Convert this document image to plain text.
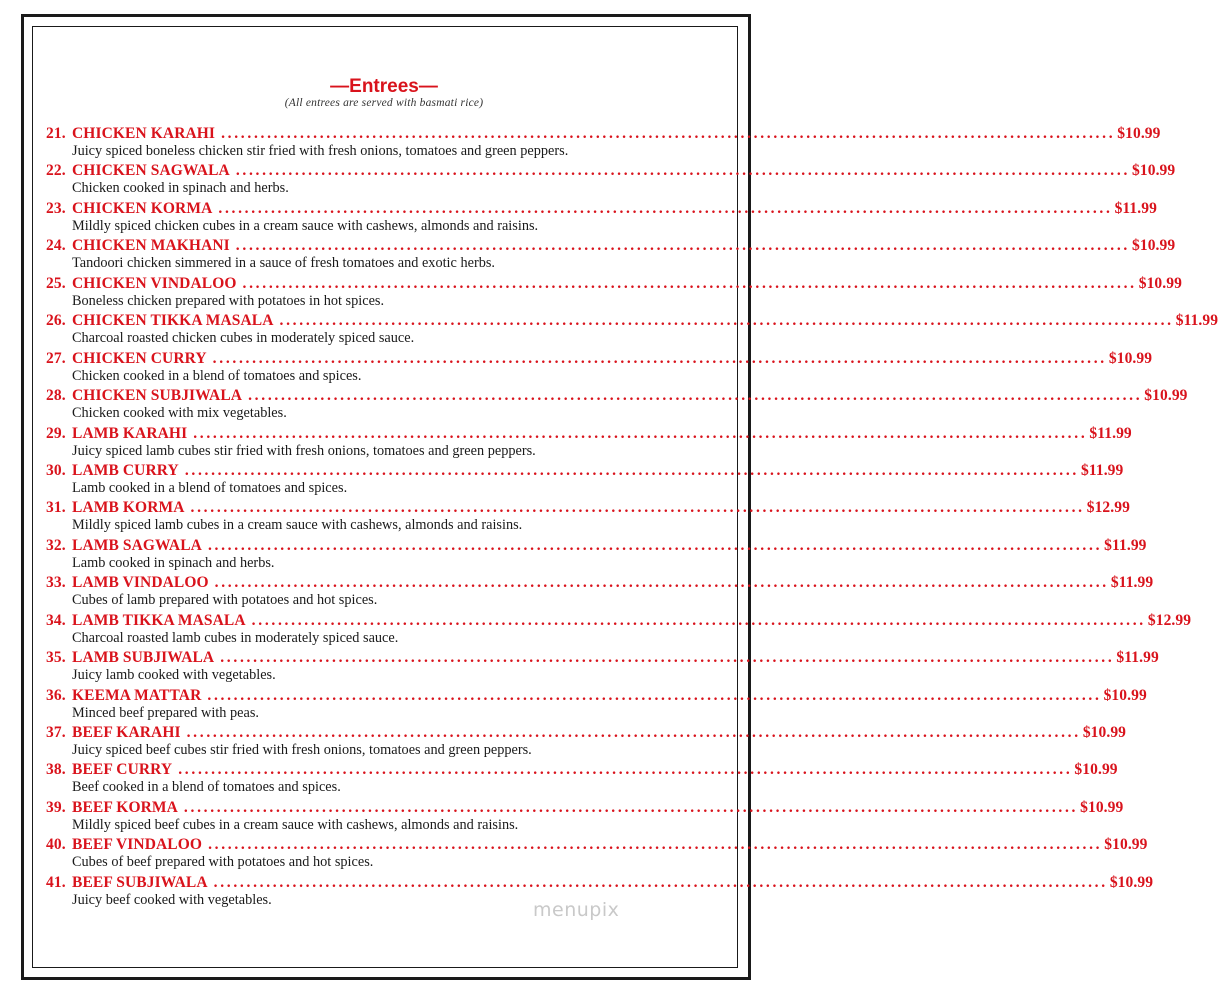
—Entrees—
(All entrees are served with basmati rice)
21. CHICKEN KARAHI ........................................................................................................................................ $10.99
Juicy spiced boneless chicken stir fried with fresh onions, tomatoes and green peppers.
22. CHICKEN SAGWALA ........................................................................................................................................ $10.99
Chicken cooked in spinach and herbs.
23. CHICKEN KORMA ........................................................................................................................................ $11.99
Mildly spiced chicken cubes in a cream sauce with cashews, almonds and raisins.
24. CHICKEN MAKHANI ........................................................................................................................................ $10.99
Tandoori chicken simmered in a sauce of fresh tomatoes and exotic herbs.
25. CHICKEN VINDALOO ........................................................................................................................................ $10.99
Boneless chicken prepared with potatoes in hot spices.
26. CHICKEN TIKKA MASALA ........................................................................................................................................ $11.99
Charcoal roasted chicken cubes in moderately spiced sauce.
27. CHICKEN CURRY ........................................................................................................................................ $10.99
Chicken cooked in a blend of tomatoes and spices.
28. CHICKEN SUBJIWALA ........................................................................................................................................ $10.99
Chicken cooked with mix vegetables.
29. LAMB KARAHI ........................................................................................................................................ $11.99
Juicy spiced lamb cubes stir fried with fresh onions, tomatoes and green peppers.
30. LAMB CURRY ........................................................................................................................................ $11.99
Lamb cooked in a blend of tomatoes and spices.
31. LAMB KORMA ........................................................................................................................................ $12.99
Mildly spiced lamb cubes in a cream sauce with cashews, almonds and raisins.
32. LAMB SAGWALA ........................................................................................................................................ $11.99
Lamb cooked in spinach and herbs.
33. LAMB VINDALOO ........................................................................................................................................ $11.99
Cubes of lamb prepared with potatoes and hot spices.
34. LAMB TIKKA MASALA ........................................................................................................................................ $12.99
Charcoal roasted lamb cubes in moderately spiced sauce.
35. LAMB SUBJIWALA ........................................................................................................................................ $11.99
Juicy lamb cooked with vegetables.
36. KEEMA MATTAR ........................................................................................................................................ $10.99
Minced beef prepared with peas.
37. BEEF KARAHI ........................................................................................................................................ $10.99
Juicy spiced beef cubes stir fried with fresh onions, tomatoes and green peppers.
38. BEEF CURRY ........................................................................................................................................ $10.99
Beef cooked in a blend of tomatoes and spices.
39. BEEF KORMA ........................................................................................................................................ $10.99
Mildly spiced beef cubes in a cream sauce with cashews, almonds and raisins.
40. BEEF VINDALOO ........................................................................................................................................ $10.99
Cubes of beef prepared with potatoes and hot spices.
41. BEEF SUBJIWALA ........................................................................................................................................ $10.99
Juicy beef cooked with vegetables.	menupix
